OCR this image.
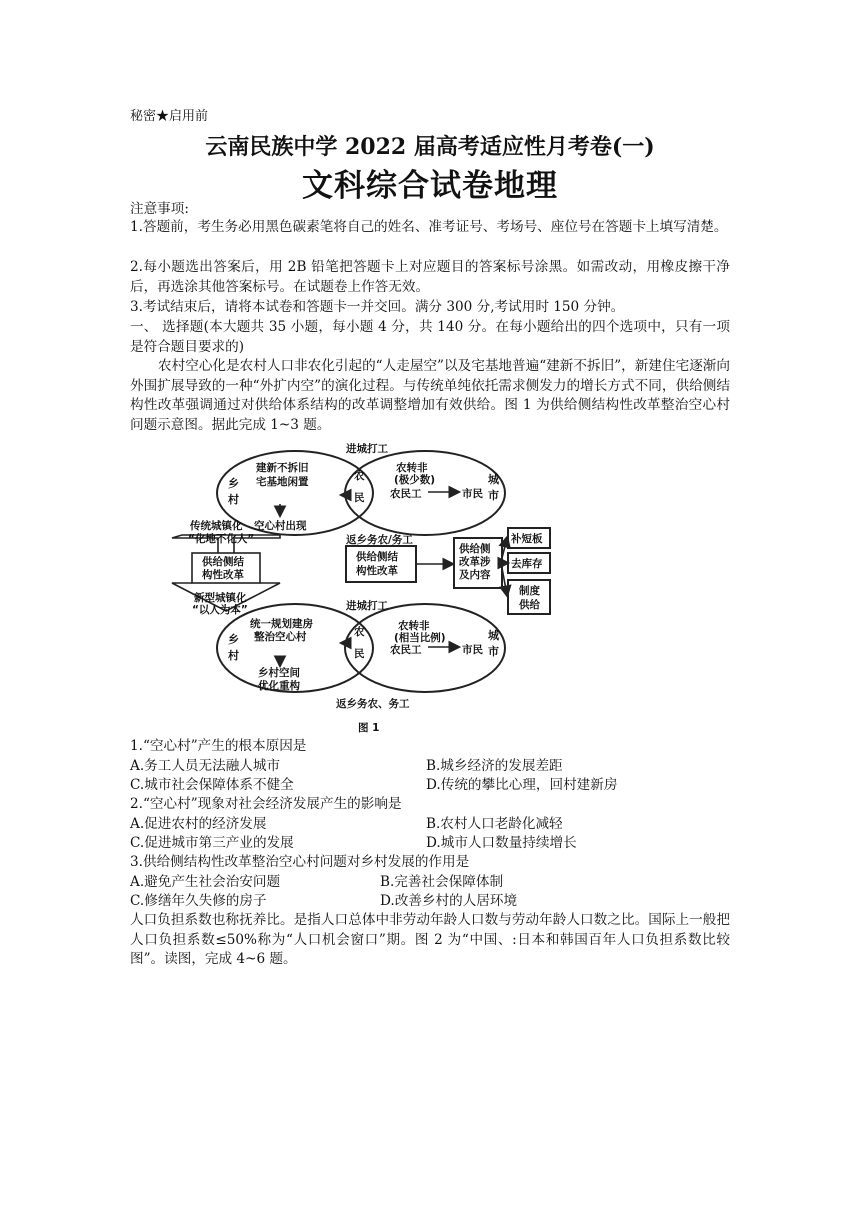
秘密★启用前
云南民族中学 2022 届高考适应性月考卷(一)
文科综合试卷地理
注意事项:
1.答题前，考生务必用黑色碳素笔将自己的姓名、准考证号、考场号、座位号在答题卡上填写清楚。
2.每小题选出答案后，用 2B 铅笔把答题卡上对应题目的答案标号涂黑。如需改动，用橡皮擦干净后，再选涂其他答案标号。在试题卷上作答无效。
3.考试结束后，请将本试卷和答题卡一并交回。满分 300 分,考试用时 150 分钟。
一、 选择题(本大题共 35 小题，每小题 4 分，共 140 分。在每小题给出的四个选项中，只有一项是符合题目要求的)
农村空心化是农村人口非农化引起的“人走屋空”以及宅基地普遍“建新不拆旧”，新建住宅逐渐向外围扩展导致的一种“外扩内空”的演化过程。与传统单纯依托需求侧发力的增长方式不同，供给侧结构性改革强调通过对供给体系结构的改革调整增加有效供给。图 1 为供给侧结构性改革整治空心村问题示意图。据此完成 1~3 题。
1.“空心村”产生的根本原因是
A.务工人员无法融人城市	B.城乡经济的发展差距
C.城市社会保障体系不健全	D.传统的攀比心理，回村建新房
2.“空心村”现象对社会经济发展产生的影响是
A.促进农村的经济发展	B.农村人口老龄化减轻
C.促进城市第三产业的发展	D.城市人口数量持续增长
3.供给侧结构性改革整治空心村问题对乡村发展的作用是
A.避免产生社会治安问题	B.完善社会保障体制
C.修缮年久失修的房子	D.改善乡村的人居环境
人口负担系数也称抚养比。是指人口总体中非劳动年龄人口数与劳动年龄人口数之比。国际上一般把人口负担系数≤50%称为“人口机会窗口”期。图 2 为“中国、:日本和韩国百年人口负担系数比较图”。读图，完成 4~6 题。
进城打工
建新不拆旧
宅基地闲置
空心村出现
农转非
(极少数)
农民工	市民
农
民
乡
村
城
市
乡
村
城
市
传统城镇化
“化地不化人”
供给侧结
构性改革
新型城镇化
“以人为本”
返乡务农/务工
供给侧结
构性改革
供给侧
改革涉
及内容
补短板
去库存
制度
供给
进城打工
统一规划建房
整治空心村
乡村空间
优化重构
农转非
(相当比例)
农民工	市民
农
民
返乡务农、务工
图 1
